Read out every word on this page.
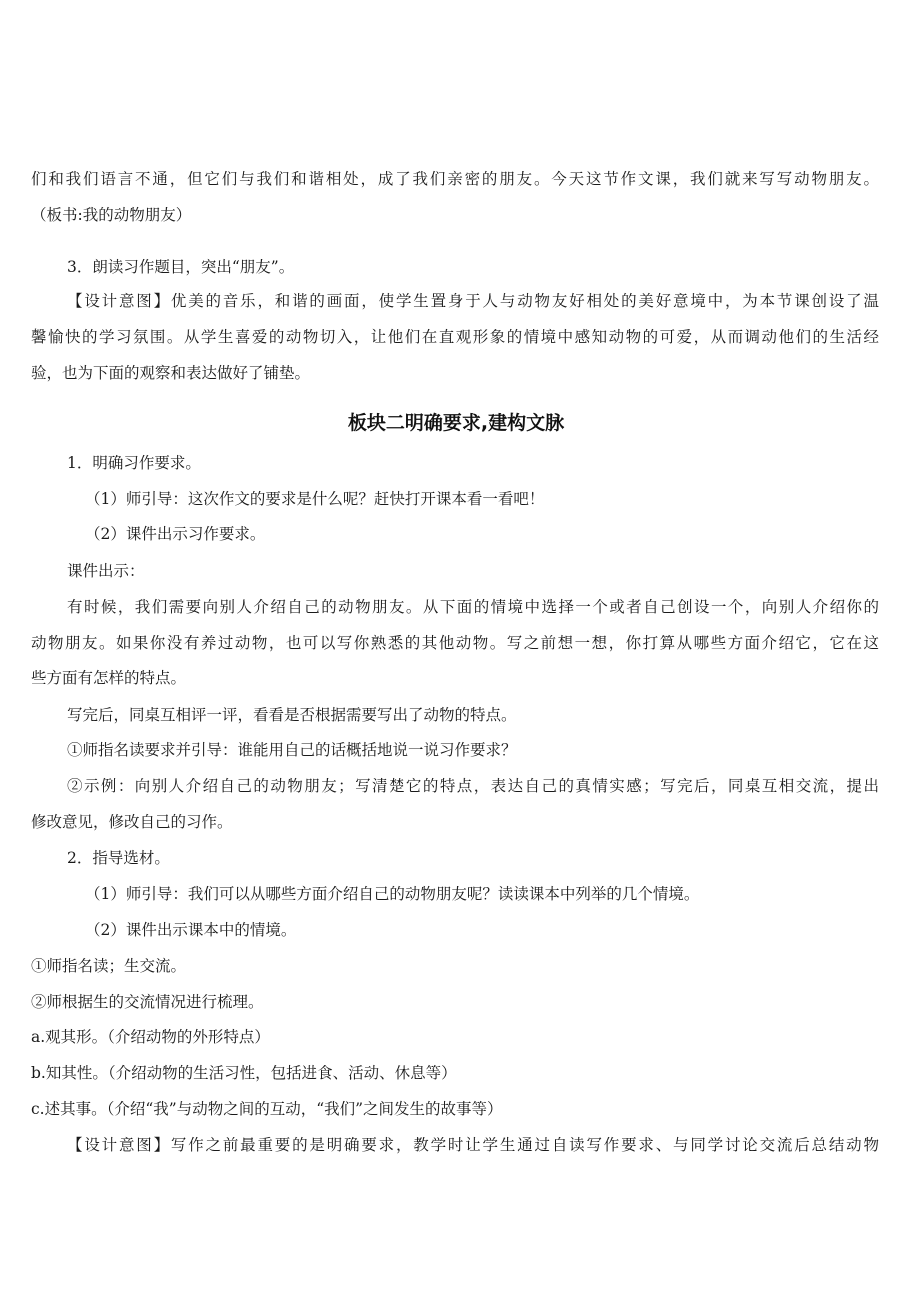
们和我们语言不通，但它们与我们和谐相处，成了我们亲密的朋友。今天这节作文课，我们就来写写动物朋友。
（板书:我的动物朋友）
3．朗读习作题目，突出“朋友”。
【设计意图】优美的音乐，和谐的画面，使学生置身于人与动物友好相处的美好意境中，为本节课创设了温
馨愉快的学习氛围。从学生喜爱的动物切入，让他们在直观形象的情境中感知动物的可爱，从而调动他们的生活经
验，也为下面的观察和表达做好了铺垫。
板块二明确要求,建构文脉
1．明确习作要求。
（1）师引导：这次作文的要求是什么呢？赶快打开课本看一看吧！
（2）课件出示习作要求。
课件出示：
有时候，我们需要向别人介绍自己的动物朋友。从下面的情境中选择一个或者自己创设一个，向别人介绍你的
动物朋友。如果你没有养过动物，也可以写你熟悉的其他动物。写之前想一想，你打算从哪些方面介绍它，它在这
些方面有怎样的特点。
写完后，同桌互相评一评，看看是否根据需要写出了动物的特点。
①师指名读要求并引导：谁能用自己的话概括地说一说习作要求？
②示例：向别人介绍自己的动物朋友；写清楚它的特点，表达自己的真情实感；写完后，同桌互相交流，提出
修改意见，修改自己的习作。
2．指导选材。
（1）师引导：我们可以从哪些方面介绍自己的动物朋友呢？读读课本中列举的几个情境。
（2）课件出示课本中的情境。
①师指名读；生交流。
②师根据生的交流情况进行梳理。
a.观其形。（介绍动物的外形特点）
b.知其性。（介绍动物的生活习性，包括进食、活动、休息等）
c.述其事。（介绍“我”与动物之间的互动，“我们”之间发生的故事等）
【设计意图】写作之前最重要的是明确要求，教学时让学生通过自读写作要求、与同学讨论交流后总结动物
